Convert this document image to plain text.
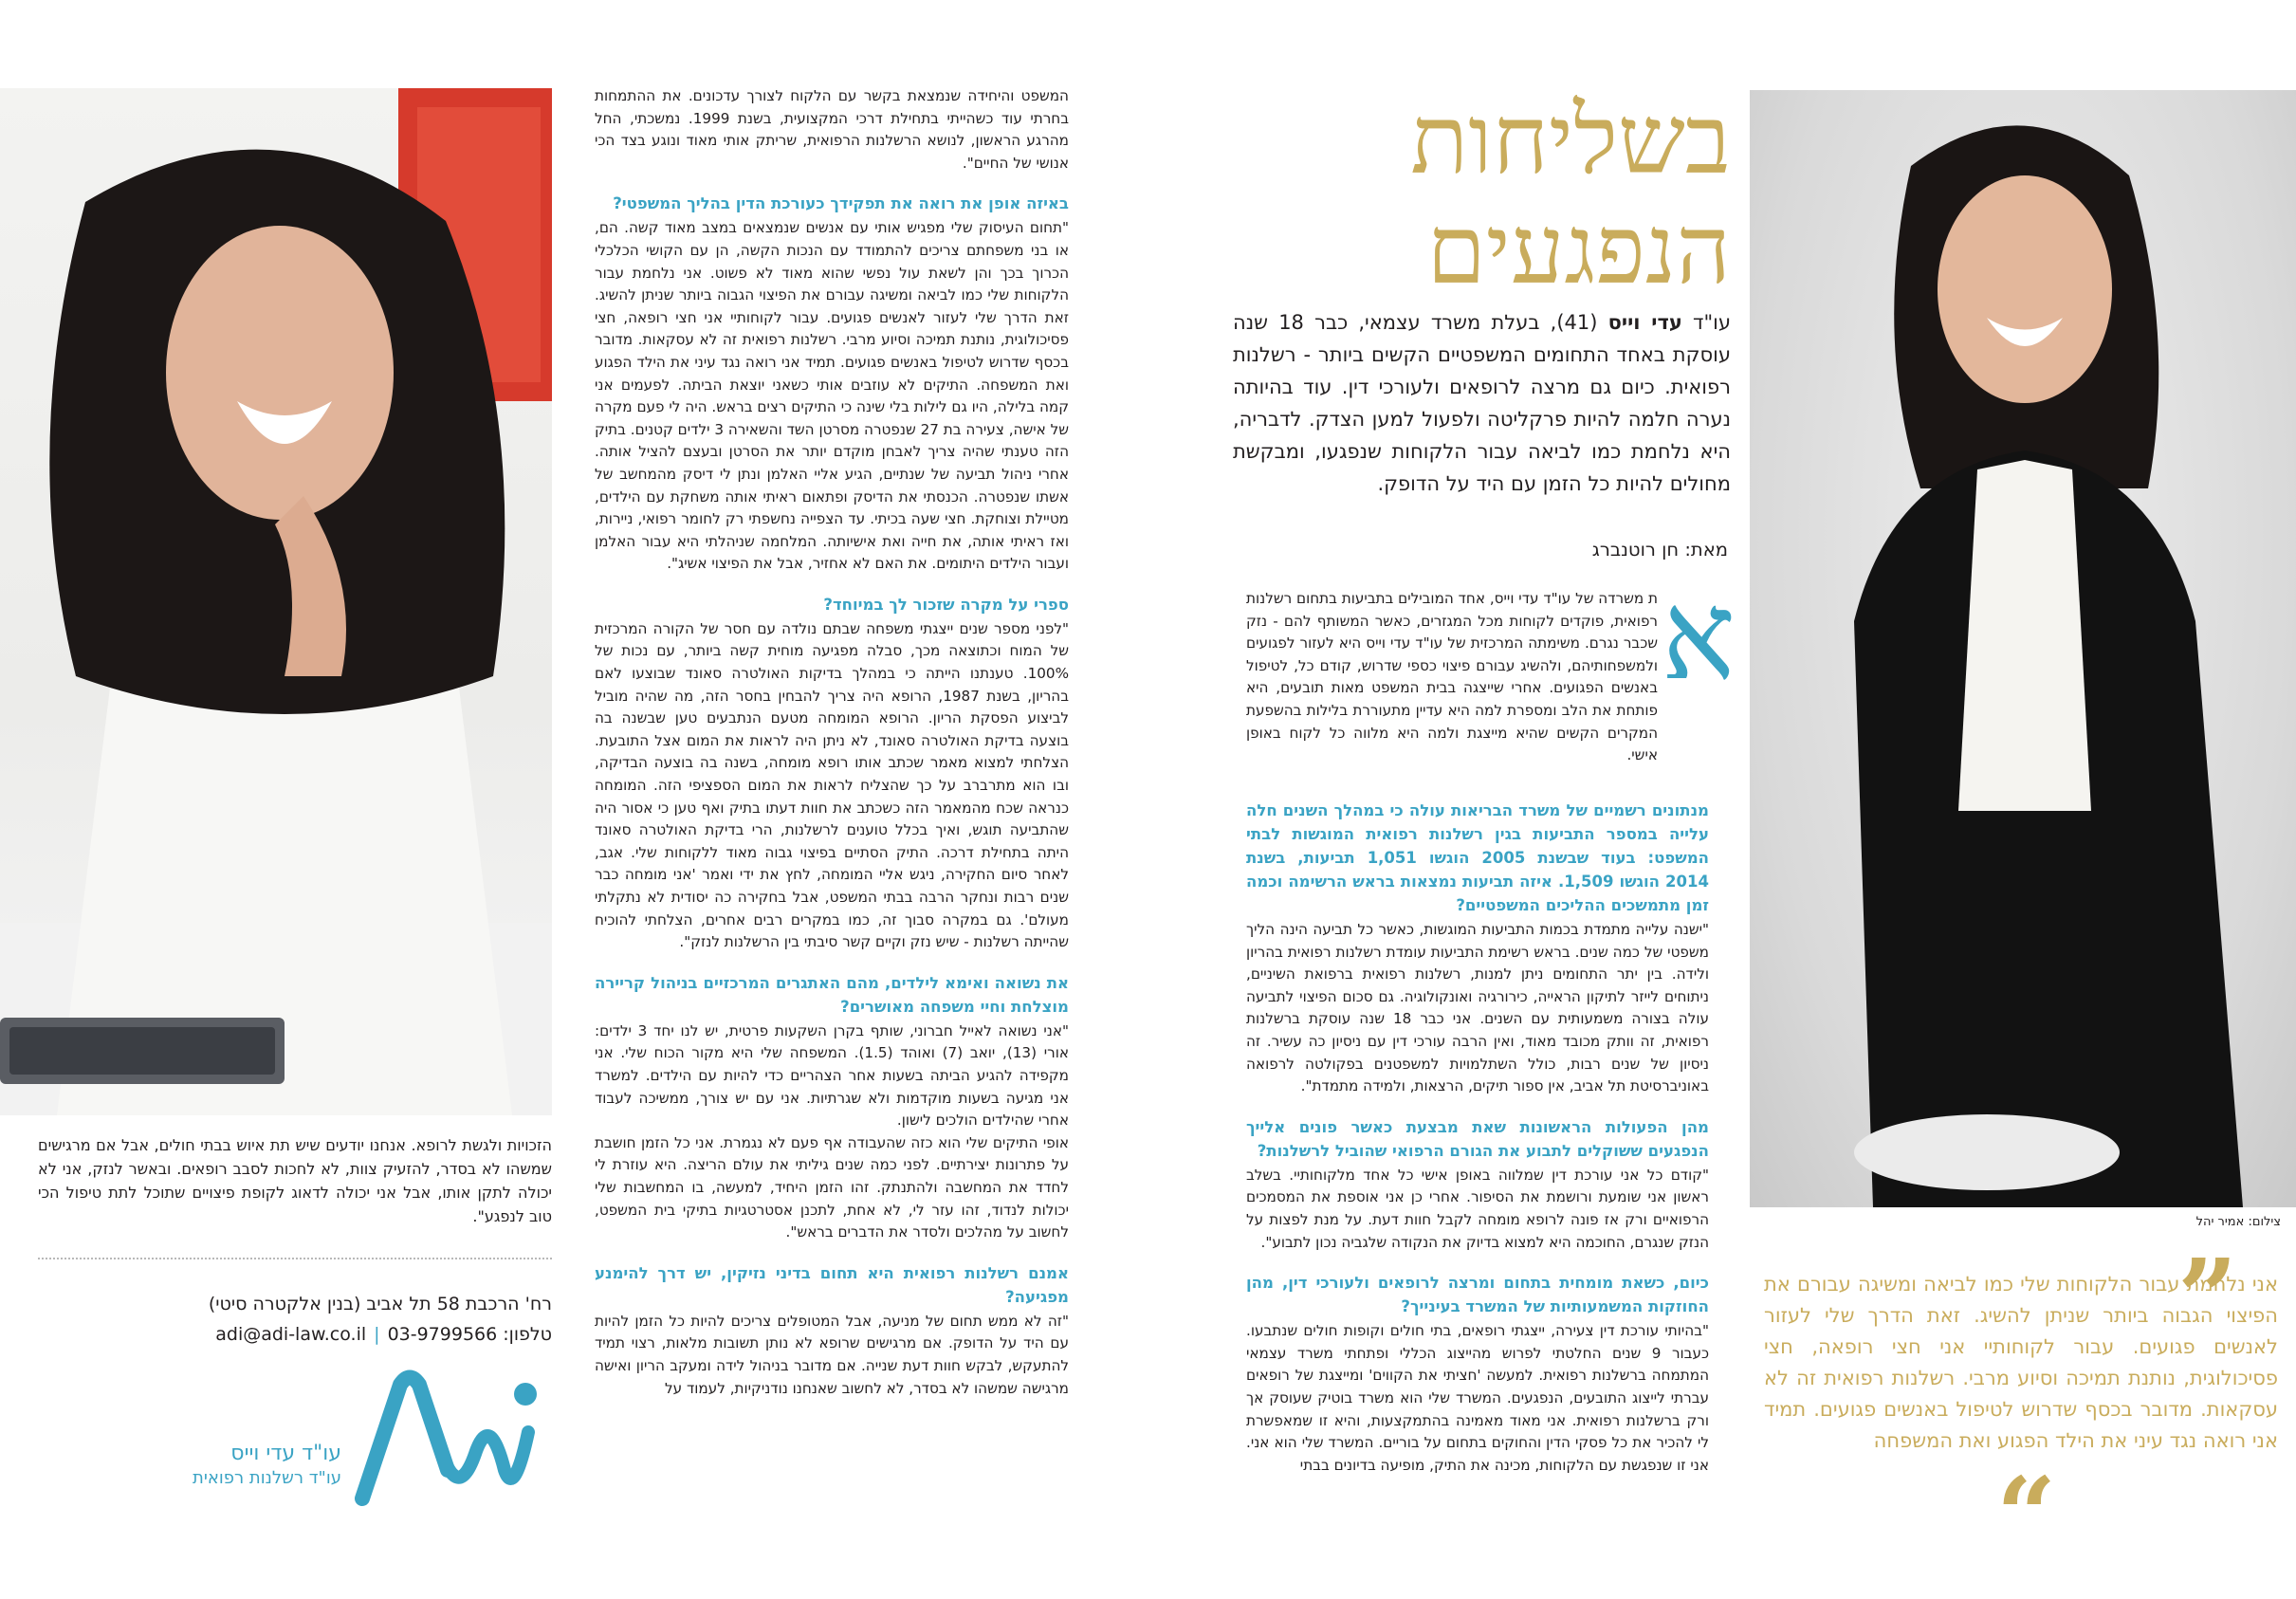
צילום: אמיר יהל
בשליחות
הנפגעים
עו"ד עדי וייס (41), בעלת משרד עצמאי, כבר 18 שנה עוסקת באחד התחומים המשפטיים הקשים ביותר - רשלנות רפואית. כיום גם מרצה לרופאים ולעורכי דין. עוד בהיותה נערה חלמה להיות פרקליטה ולפעול למען הצדק. לדבריה, היא נלחמת כמו לביאה עבור הלקוחות שנפגעו, ומבקשת מחולים להיות כל הזמן עם היד על הדופק.
מאת: חן רוטנברג
א
ת משרדה של עו"ד עדי וייס, אחד המובילים בתביעות בתחום רשלנות רפואית, פוקדים לקוחות מכל המגזרים, כאשר המשותף להם - נזק שכבר נגרם. משימתה המרכזית של עו"ד עדי וייס היא לעזור לפגועים ולמשפחותיהם, ולהשיג עבורם פיצוי כספי שדרוש, קודם כל, לטיפול באנשים הפגועים. אחרי שייצגה בבית המשפט מאות תובעים, היא פותחת את הלב ומספרת למה היא עדיין מתעוררת בלילות בהשפעת המקרים הקשים שהיא מייצגת ולמה היא מלווה כל לקוח באופן אישי.

מנתונים רשמיים של משרד הבריאות עולה כי במהלך השנים חלה עלייה במספר התביעות בגין רשלנות רפואית המוגשות לבתי המשפט: בעוד שבשנת 2005 הוגשו 1,051 תביעות, בשנת 2014 הוגשו 1,509. איזה תביעות נמצאות בראש הרשימה וכמה זמן מתמשכים ההליכים המשפטיים?

"ישנה עלייה מתמדת בכמות התביעות המוגשות, כאשר כל תביעה הינה הליך משפטי של כמה שנים. בראש רשימת התביעות עומדת רשלנות רפואית בהריון ולידה. בין יתר התחומים ניתן למנות, רשלנות רפואית ברפואת השיניים, ניתוחים לייזר לתיקון הראייה, כירורגיה ואונקולוגיה. גם סכום הפיצוי לתביעה עולה בצורה משמעותית עם השנים. אני כבר 18 שנה עוסקת ברשלנות רפואית, זה וותק מכובד מאוד, ואין הרבה עורכי דין עם ניסיון כה עשיר. זה ניסיון של שנים רבות, כולל השתלמויות למשפטנים בפקולטה לרפואה באוניברסיטת תל אביב, אין ספור תיקים, הרצאות, ולמידה מתמדת".

מהן הפעולות הראשונות שאת מבצעת כאשר פונים אלייך הנפגעים ששוקלים לתבוע את הגורם הרפואי שהוביל לרשלנות?

"קודם כל אני עורכת דין שמלווה באופן אישי כל אחד מלקוחותיי. בשלב ראשון אני שומעת ורושמת את הסיפור. אחרי כן אני אוספת את המסמכים הרפואיים ורק אז פונה לרופא מומחה לקבל חוות דעת. על מנת לפצות על הנזק שנגרם, החוכמה היא למצוא בדיוק את הנקודה שלגביה נכון לתבוע".

כיום, כשאת מומחית בתחום ומרצה לרופאים ולעורכי דין, מהן החוזקות המשמעותיות של המשרד בעינייך?

"בהיותי עורכת דין צעירה, ייצגתי רופאים, בתי חולים וקופות חולים שנתבעו. כעבור 9 שנים החלטתי לפרוש מהייצוג הכללי ופתחתי משרד עצמאי המתמחה ברשלנות רפואית. למעשה 'חציתי את הקווים' ומייצגת של רופאים עברתי לייצוג התובעים, הנפגעים. המשרד שלי הוא משרד בוטיק שעוסק אך ורק ברשלנות רפואית. אני מאוד מאמינה בהתמקצעות, והיא זו שמאפשרת לי להכיר את כל פסקי הדין והחוקים בתחום על בוריים. המשרד שלי הוא אני. אני זו שנפגשת עם הלקוחות, מכינה את התיק, מופיעה בדיונים בבתי

המשפט והיחידה שנמצאת בקשר עם הלקוח לצורך עדכונים. את ההתמחות בחרתי עוד כשהייתי בתחילת דרכי המקצועית, בשנת 1999. נמשכתי, החל מהרגע הראשון, לנושא הרשלנות הרפואית, שריתק אותי מאוד ונוגע בצד הכי אנושי של החיים".

באיזה אופן את רואה את תפקידך כעורכת הדין בהליך המשפטי?

"תחום העיסוק שלי מפגיש אותי עם אנשים שנמצאים במצב מאוד קשה. הם, או בני משפחתם צריכים להתמודד עם הנכות הקשה, הן עם הקושי הכלכלי הכרוך בכך והן לשאת עול נפשי שהוא מאוד לא פשוט. אני נלחמת עבור הלקוחות שלי כמו לביאה ומשיגה עבורם את הפיצוי הגבוה ביותר שניתן להשיג. זאת הדרך שלי לעזור לאנשים פגועים. עבור לקוחותיי אני חצי רופאה, חצי פסיכולוגית, נותנת תמיכה וסיוע מרבי. רשלנות רפואית זה לא עסקאות. מדובר בכסף שדרוש לטיפול באנשים פגועים. תמיד אני רואה נגד עיני את הילד הפגוע ואת המשפחה. התיקים לא עוזבים אותי כשאני יוצאת הביתה. לפעמים אני קמה בלילה, היו גם לילות בלי שינה כי התיקים רצים בראש. היה לי פעם מקרה של אישה, צעירה בת 27 שנפטרה מסרטן השד והשאירה 3 ילדים קטנים. בתיק הזה טענתי שהיה צריך לאבחן מוקדם יותר את הסרטן ובעצם להציל אותה. אחרי ניהול תביעה של שנתיים, הגיע אליי האלמן ונתן לי דיסק מהמחשב של אשתו שנפטרה. הכנסתי את הדיסק ופתאום ראיתי אותה משחקת עם הילדים, מטיילת וצוחקת. חצי שעה בכיתי. עד הצפייה נחשפתי רק לחומר רפואי, ניירות, ואז ראיתי אותה, את חייה ואת אישיותה. המלחמה שניהלתי היא עבור האלמן ועבור הילדים היתומים. את האם לא אחזיר, אבל את הפיצוי אשיג".

ספרי על מקרה שזכור לך במיוחד?

"לפני מספר שנים ייצגתי משפחה שבתם נולדה עם חסר של הקורה המרכזית של המוח וכתוצאה מכך, סבלה מפגיעה מוחית קשה ביותר, עם נכות של 100%. טענתנו הייתה כי במהלך בדיקות האולטרה סאונד שבוצעו לאם בהריון, בשנת 1987, הרופא היה צריך להבחין בחסר הזה, מה שהיה מוביל לביצוע הפסקת הריון. הרופא המומחה מטעם הנתבעים טען שבשנה בה בוצעה בדיקת האולטרה סאונד, לא ניתן היה לראות את המום אצל התובעת. הצלחתי למצוא מאמר שכתב אותו רופא מומחה, בשנה בה בוצעה הבדיקה, ובו הוא מתרברב על כך שהצליח לראות את המום הספציפי הזה. המומחה כנראה שכח מהמאמר הזה כשכתב את חוות דעתו בתיק ואף טען כי אסור היה שהתביעה תוגש, ואיך בכלל טוענים לרשלנות, הרי בדיקת האולטרה סאונד היתה בתחילת דרכה. התיק הסתיים בפיצוי גבוה מאוד ללקוחות שלי. אגב, לאחר סיום החקירה, ניגש אליי המומחה, לחץ את ידי ואמר 'אני מומחה כבר שנים רבות ונחקר הרבה בבתי המשפט, אבל בחקירה כה יסודית לא נתקלתי מעולם'. גם במקרה סבוך זה, כמו במקרים רבים אחרים, הצלחתי להוכיח שהייתה רשלנות - שיש נזק וקיים קשר סיבתי בין הרשלנות לנזק".

את נשואה ואימא לילדים, מהם האתגרים המרכזיים בניהול קריירה מוצלחת וחיי משפחה מאושרים?

"אני נשואה לאייל חברוני, שותף בקרן השקעות פרטית, יש לנו יחד 3 ילדים: אורי (13), יואב (7) ואוהד (1.5). המשפחה שלי היא מקור הכוח שלי. אני מקפידה להגיע הביתה בשעות אחר הצהריים כדי להיות עם הילדים. למשרד אני מגיעה בשעות מוקדמות ולא שגרתיות. אני עם יש צורך, ממשיכה לעבוד אחרי שהילדים הולכים לישון.

אופי התיקים שלי הוא כזה שהעבודה אף פעם לא נגמרת. אני כל הזמן חושבת על פתרונות יצירתיים. לפני כמה שנים גיליתי את עולם הריצה. היא עוזרת לי לחדד את המחשבה ולהתנתק. זהו הזמן היחיד, למעשה, בו המחשבות שלי יכולות לנדוד, זהו עזר לי, לא אחת, לתכנן אסטרטגיות בתיקי בית המשפט, לחשוב על מהלכים ולסדר את הדברים בראש".

אמנם רשלנות רפואית היא תחום בדיני נזיקין, יש דרך להימנע מפגיעה?

"זה לא ממש תחום של מניעה, אבל המטופלים צריכים להיות כל הזמן להיות עם היד על הדופק. אם מרגישים שרופא לא נותן תשובות מלאות, רצוי תמיד להתעקש, לבקש חוות דעת שנייה. אם מדובר בניהול לידה ומעקב הריון ואישה מרגישה שמשהו לא בסדר, לא לחשוב שאנחנו נודניקיות, לעמוד על

”
אני נלחמת עבור הלקוחות שלי כמו לביאה ומשיגה עבורם את הפיצוי הגבוה ביותר שניתן להשיג. זאת הדרך שלי לעזור לאנשים פגועים. עבור לקוחותיי אני חצי רופאה, חצי פסיכולוגית, נותנת תמיכה וסיוע מרבי. רשלנות רפואית זה לא עסקאות. מדובר בכסף שדרוש לטיפול באנשים פגועים. תמיד אני רואה נגד עיני את הילד הפגוע ואת המשפחה
“
הזכויות ולגשת לרופא. אנחנו יודעים שיש תת איוש בבתי חולים, אבל אם מרגישים שמשהו לא בסדר, להזעיק צוות, לא לחכות לסבב רופאים. ובאשר לנזק, אני לא יכולה לתקן אותו, אבל אני יכולה לדאוג לקופת פיצויים שתוכל לתת טיפול הכי טוב לנפגע".
רח' הרכבת 58 תל אביב (בנין אלקטרה סיטי)
טלפון: 03-9799566|adi@adi-law.co.il
עו"ד עדי וייס
עו"ד רשלנות רפואית
